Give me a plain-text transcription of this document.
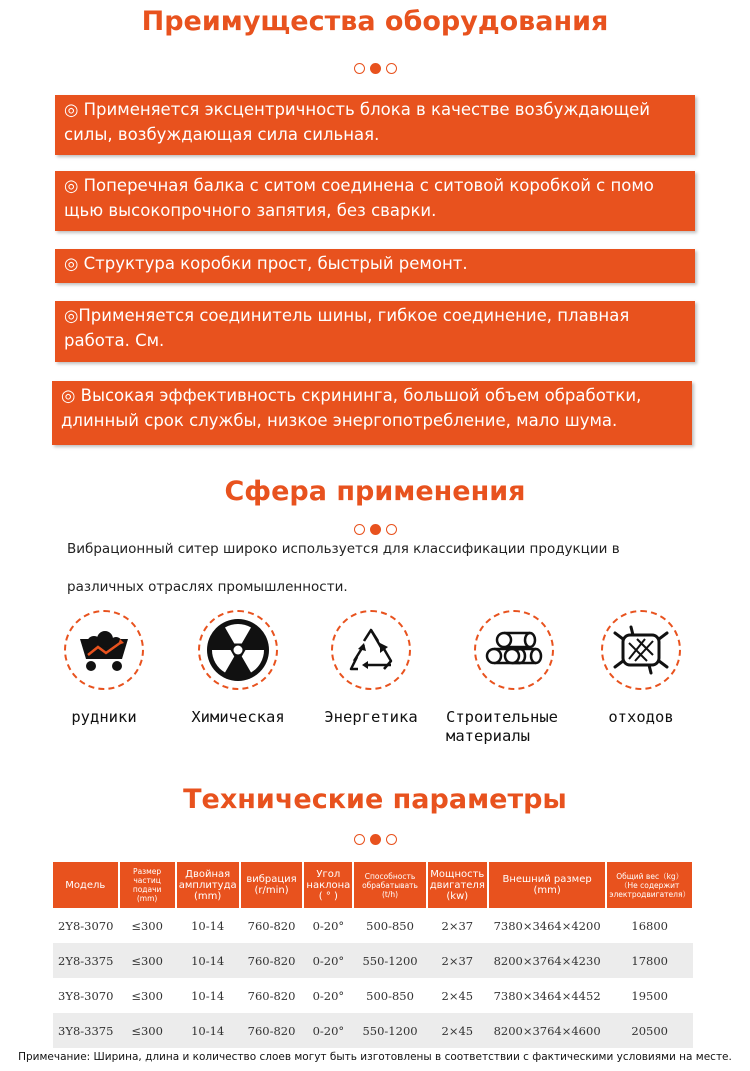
Преимущества оборудования
◎ Применяется эксцентричность блока в качестве возбуждающей силы, возбуждающая сила сильная.
◎ Поперечная балка с ситом соединена с ситовой коробкой с помо щью высокопрочного запятия, без сварки.
◎ Структура коробки прост, быстрый ремонт.
◎Применяется соединитель шины, гибкое соединение, плавная работа. См.
◎ Высокая эффективность скрининга, большой объем обработки, длинный срок службы, низкое энергопотребление, мало шума.
Сфера применения

Вибрационный ситер широко используется для классификации продукции в различных отраслях промышленности.

рудники	Химическая	Энергетика	Строительные материалы
отходов
Технические параметры
Модель	Размер частиц подачи (mm)	Двойная амплитуда (mm)	вибрация (r/min)	Угол наклона ( ° )	Способность обрабатывать (t/h)	Мощность двигателя (kw)	Внешний размер (mm)	Общий вес（kg） （Не содержит электродвигателя）
2Y8-3070	≤300	10-14	760-820	0-20°	500-850	2×37	7380×3464×4200	16800
2Y8-3375	≤300	10-14	760-820	0-20°	550-1200	2×37	8200×3764×4230	17800
3Y8-3070	≤300	10-14	760-820	0-20°	500-850	2×45	7380×3464×4452	19500
3Y8-3375	≤300	10-14	760-820	0-20°	550-1200	2×45	8200×3764×4600	20500

Примечание: Ширина, длина и количество слоев могут быть изготовлены в соответствии с фактическими условиями на месте.
